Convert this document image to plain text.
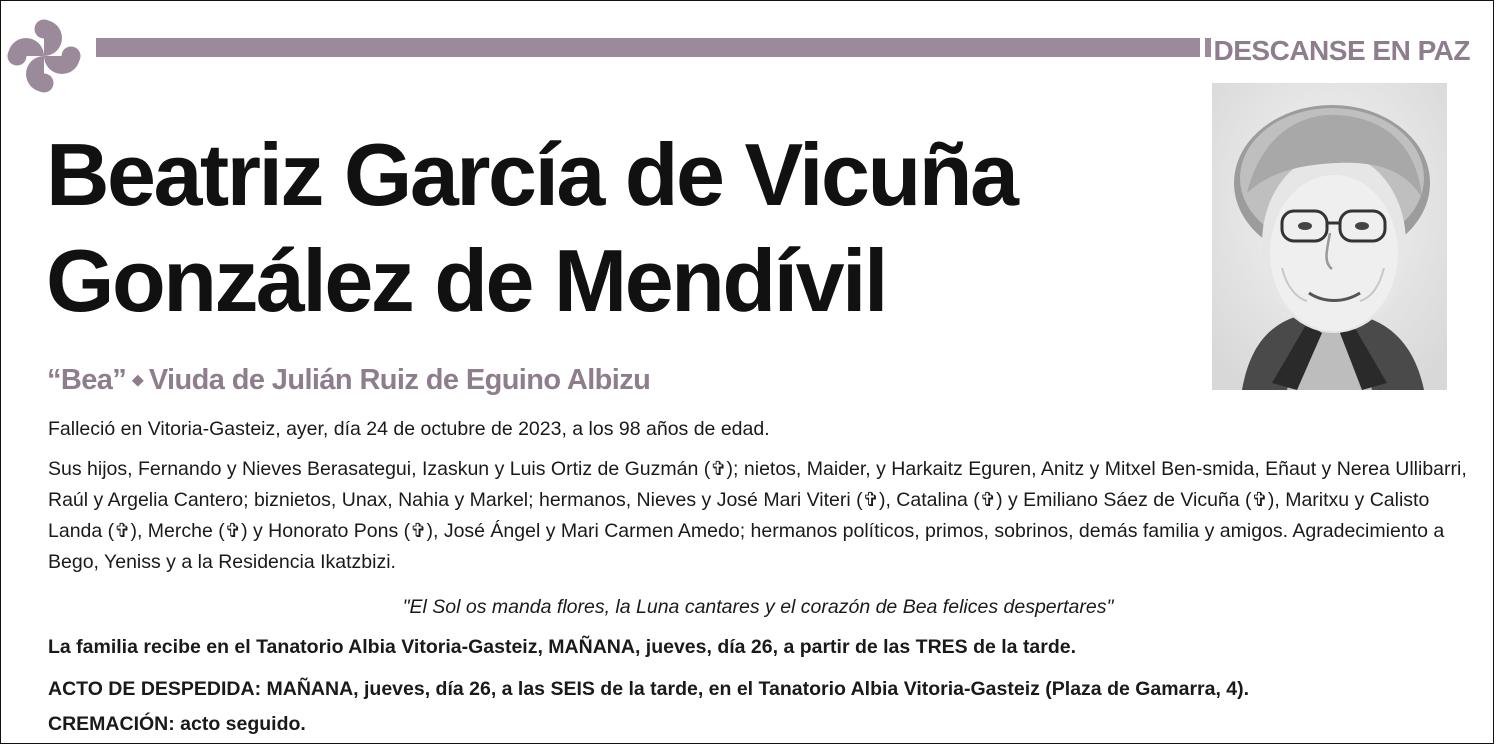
DESCANSE EN PAZ
Beatriz García de Vicuña
González de Mendívil

“Bea” ⬥ Viuda de Julián Ruiz de Eguino Albizu

Falleció en Vitoria-Gasteiz, ayer, día 24 de octubre de 2023, a los 98 años de edad.

Sus hijos, Fernando y Nieves Berasategui, Izaskun y Luis Ortiz de Guzmán (✞); nietos, Maider, y Harkaitz Eguren, Anitz y Mitxel Ben-smida, Eñaut y Nerea Ullibarri, Raúl y Argelia Cantero; biznietos, Unax, Nahia y Markel; hermanos, Nieves y José Mari Viteri (✞), Catalina (✞) y Emiliano Sáez de Vicuña (✞), Maritxu y Calisto Landa (✞), Merche (✞) y Honorato Pons (✞), José Ángel y Mari Carmen Amedo; hermanos políticos, primos, sobrinos, demás familia y amigos. Agradecimiento a Bego, Yeniss y a la Residencia Ikatzbizi.

"El Sol os manda flores, la Luna cantares y el corazón de Bea felices despertares"

La familia recibe en el Tanatorio Albia Vitoria-Gasteiz, MAÑANA, jueves, día 26, a partir de las TRES de la tarde.

ACTO DE DESPEDIDA: MAÑANA, jueves, día 26, a las SEIS de la tarde, en el Tanatorio Albia Vitoria-Gasteiz (Plaza de Gamarra, 4).

CREMACIÓN: acto seguido.
